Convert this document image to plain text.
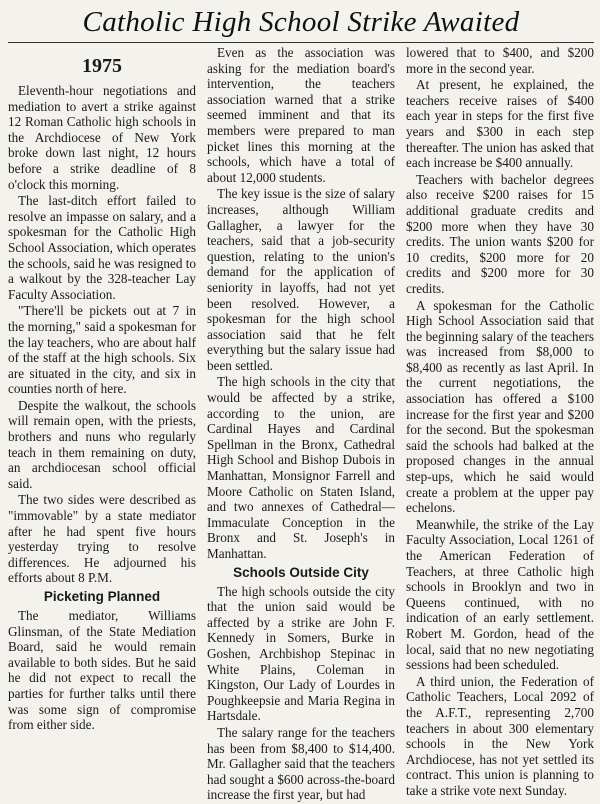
Catholic High School Strike Awaited
1975

Eleventh-hour negotiations and mediation to avert a strike against 12 Roman Catholic high schools in the Archdiocese of New York broke down last night, 12 hours before a strike deadline of 8 o'clock this morning.

The last-ditch effort failed to resolve an impasse on salary, and a spokesman for the Catholic High School Association, which operates the schools, said he was resigned to a walkout by the 328-teacher Lay Faculty Association.

"There'll be pickets out at 7 in the morning," said a spokesman for the lay teachers, who are about half of the staff at the high schools. Six are situated in the city, and six in counties north of here.

Despite the walkout, the schools will remain open, with the priests, brothers and nuns who regularly teach in them remaining on duty, an archdiocesan school official said.

The two sides were described as "immovable" by a state mediator after he had spent five hours yesterday trying to resolve differences. He adjourned his efforts about 8 P.M.

Picketing Planned

The mediator, Williams Glinsman, of the State Mediation Board, said he would remain available to both sides. But he said he did not expect to recall the parties for further talks until there was some sign of compromise from either side.

Even as the association was asking for the mediation board's intervention, the teachers association warned that a strike seemed imminent and that its members were prepared to man picket lines this morning at the schools, which have a total of about 12,000 students.

The key issue is the size of salary increases, although William Gallagher, a lawyer for the teachers, said that a job-security question, relating to the union's demand for the application of seniority in layoffs, had not yet been resolved. However, a spokesman for the high school association said that he felt everything but the salary issue had been settled.

The high schools in the city that would be affected by a strike, according to the union, are Cardinal Hayes and Cardinal Spellman in the Bronx, Cathedral High School and Bishop Dubois in Manhattan, Monsignor Farrell and Moore Catholic on Staten Island, and two annexes of Cathedral—Immaculate Conception in the Bronx and St. Joseph's in Manhattan.

Schools Outside City

The high schools outside the city that the union said would be affected by a strike are John F. Kennedy in Somers, Burke in Goshen, Archbishop Stepinac in White Plains, Coleman in Kingston, Our Lady of Lourdes in Poughkeepsie and Maria Regina in Hartsdale.

The salary range for the teachers has been from $8,400 to $14,400. Mr. Gallagher said that the teachers had sought a $600 across-the-board increase the first year, but had

lowered that to $400, and $200 more in the second year.

At present, he explained, the teachers receive raises of $400 each year in steps for the first five years and $300 in each step thereafter. The union has asked that each increase be $400 annually.

Teachers with bachelor degrees also receive $200 raises for 15 additional graduate credits and $200 more when they have 30 credits. The union wants $200 for 10 credits, $200 more for 20 credits and $200 more for 30 credits.

A spokesman for the Catholic High School Association said that the beginning salary of the teachers was increased from $8,000 to $8,400 as recently as last April. In the current negotiations, the association has offered a $100 increase for the first year and $200 for the second. But the spokesman said the schools had balked at the proposed changes in the annual step-ups, which he said would create a problem at the upper pay echelons.

Meanwhile, the strike of the Lay Faculty Association, Local 1261 of the American Federation of Teachers, at three Catholic high schools in Brooklyn and two in Queens continued, with no indication of an early settlement. Robert M. Gordon, head of the local, said that no new negotiating sessions had been scheduled.

A third union, the Federation of Catholic Teachers, Local 2092 of the A.F.T., representing 2,700 teachers in about 300 elementary schools in the New York Archdiocese, has not yet settled its contract. This union is planning to take a strike vote next Sunday.
